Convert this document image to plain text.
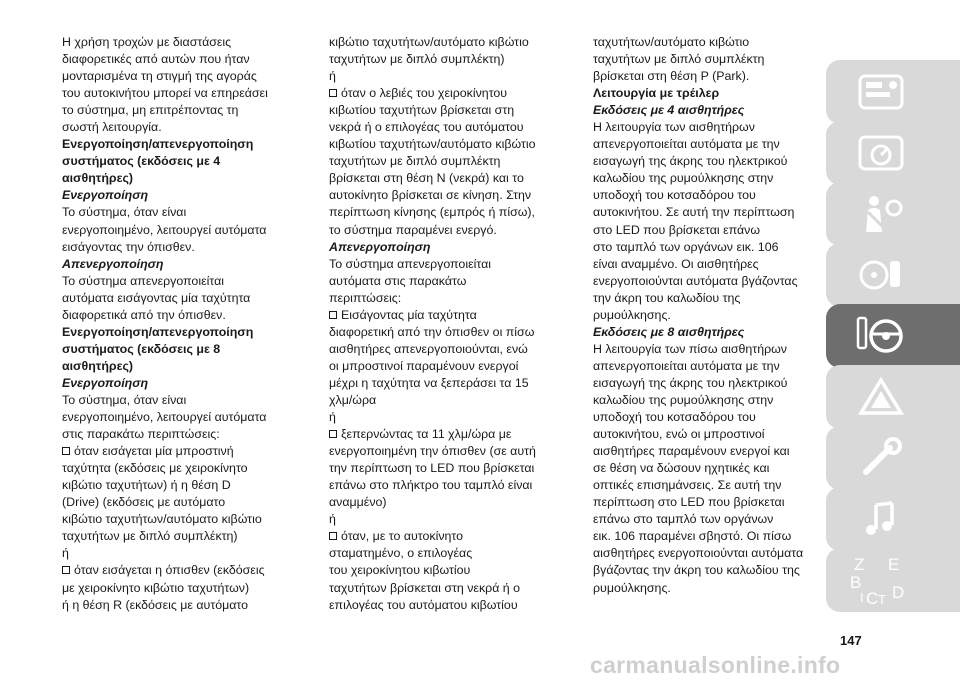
Η χρήση τροχών με διαστάσεις
διαφορετικές από αυτών που ήταν
μονταρισμένα τη στιγμή της αγοράς
του αυτοκινήτου μπορεί να επηρεάσει
το σύστημα, μη επιτρέποντας τη
σωστή λειτουργία.
Ενεργοποίηση/απενεργοποίηση
συστήματος (εκδόσεις με 4
αισθητήρες)
Ενεργοποίηση
Το σύστημα, όταν είναι
ενεργοποιημένο, λειτουργεί αυτόματα
εισάγοντας την όπισθεν.
Απενεργοποίηση
Το σύστημα απενεργοποιείται
αυτόματα εισάγοντας μία ταχύτητα
διαφορετικά από την όπισθεν.
Ενεργοποίηση/απενεργοποίηση
συστήματος (εκδόσεις με 8
αισθητήρες)
Ενεργοποίηση
Το σύστημα, όταν είναι
ενεργοποιημένο, λειτουργεί αυτόματα
στις παρακάτω περιπτώσεις:
όταν εισάγεται μία μπροστινή
ταχύτητα (εκδόσεις με χειροκίνητο
κιβώτιο ταχυτήτων) ή η θέση D
(Drive) (εκδόσεις με αυτόματο
κιβώτιο ταχυτήτων/αυτόματο κιβώτιο
ταχυτήτων με διπλό συμπλέκτη)
ή
όταν εισάγεται η όπισθεν (εκδόσεις
με χειροκίνητο κιβώτιο ταχυτήτων)
ή η θέση R (εκδόσεις με αυτόματο
κιβώτιο ταχυτήτων/αυτόματο κιβώτιο
ταχυτήτων με διπλό συμπλέκτη)
ή
όταν ο λεβιές του χειροκίνητου
κιβωτίου ταχυτήτων βρίσκεται στη
νεκρά ή ο επιλογέας του αυτόματου
κιβωτίου ταχυτήτων/αυτόματο κιβώτιο
ταχυτήτων με διπλό συμπλέκτη
βρίσκεται στη θέση N (νεκρά) και το
αυτοκίνητο βρίσκεται σε κίνηση. Στην
περίπτωση κίνησης (εμπρός ή πίσω),
το σύστημα παραμένει ενεργό.
Απενεργοποίηση
Το σύστημα απενεργοποιείται
αυτόματα στις παρακάτω
περιπτώσεις:
Εισάγοντας μία ταχύτητα
διαφορετική από την όπισθεν οι πίσω
αισθητήρες απενεργοποιούνται, ενώ
οι μπροστινοί παραμένουν ενεργοί
μέχρι η ταχύτητα να ξεπεράσει τα 15
χλμ/ώρα
ή
ξεπερνώντας τα 11 χλμ/ώρα με
ενεργοποιημένη την όπισθεν (σε αυτή
την περίπτωση το LED που βρίσκεται
επάνω στο πλήκτρο του ταμπλό είναι
αναμμένο)
ή
όταν, με το αυτοκίνητο
σταματημένο, ο επιλογέας
του χειροκίνητου κιβωτίου
ταχυτήτων βρίσκεται στη νεκρά ή ο
επιλογέας του αυτόματου κιβωτίου
ταχυτήτων/αυτόματο κιβώτιο
ταχυτήτων με διπλό συμπλέκτη
βρίσκεται στη θέση P (Park).
Λειτουργία με τρέιλερ
Εκδόσεις με 4 αισθητήρες
Η λειτουργία των αισθητήρων
απενεργοποιείται αυτόματα με την
εισαγωγή της άκρης του ηλεκτρικού
καλωδίου της ρυμούλκησης στην
υποδοχή του κοτσαδόρου του
αυτοκινήτου. Σε αυτή την περίπτωση
στο LED που βρίσκεται επάνω
στο ταμπλό των οργάνων εικ. 106
είναι αναμμένο. Οι αισθητήρες
ενεργοποιούνται αυτόματα βγάζοντας
την άκρη του καλωδίου της
ρυμούλκησης.
Εκδόσεις με 8 αισθητήρες
Η λειτουργία των πίσω αισθητήρων
απενεργοποιείται αυτόματα με την
εισαγωγή της άκρης του ηλεκτρικού
καλωδίου της ρυμούλκησης στην
υποδοχή του κοτσαδόρου του
αυτοκινήτου, ενώ οι μπροστινοί
αισθητήρες παραμένουν ενεργοί και
σε θέση να δώσουν ηχητικές και
οπτικές επισημάνσεις. Σε αυτή την
περίπτωση στο LED που βρίσκεται
επάνω στο ταμπλό των οργάνων
εικ. 106 παραμένει σβηστό. Οι πίσω
αισθητήρες ενεργοποιούνται αυτόματα
βγάζοντας την άκρη του καλωδίου της
ρυμούλκησης.
Z E
B
C D
I T
147
carmanualsonline.info
